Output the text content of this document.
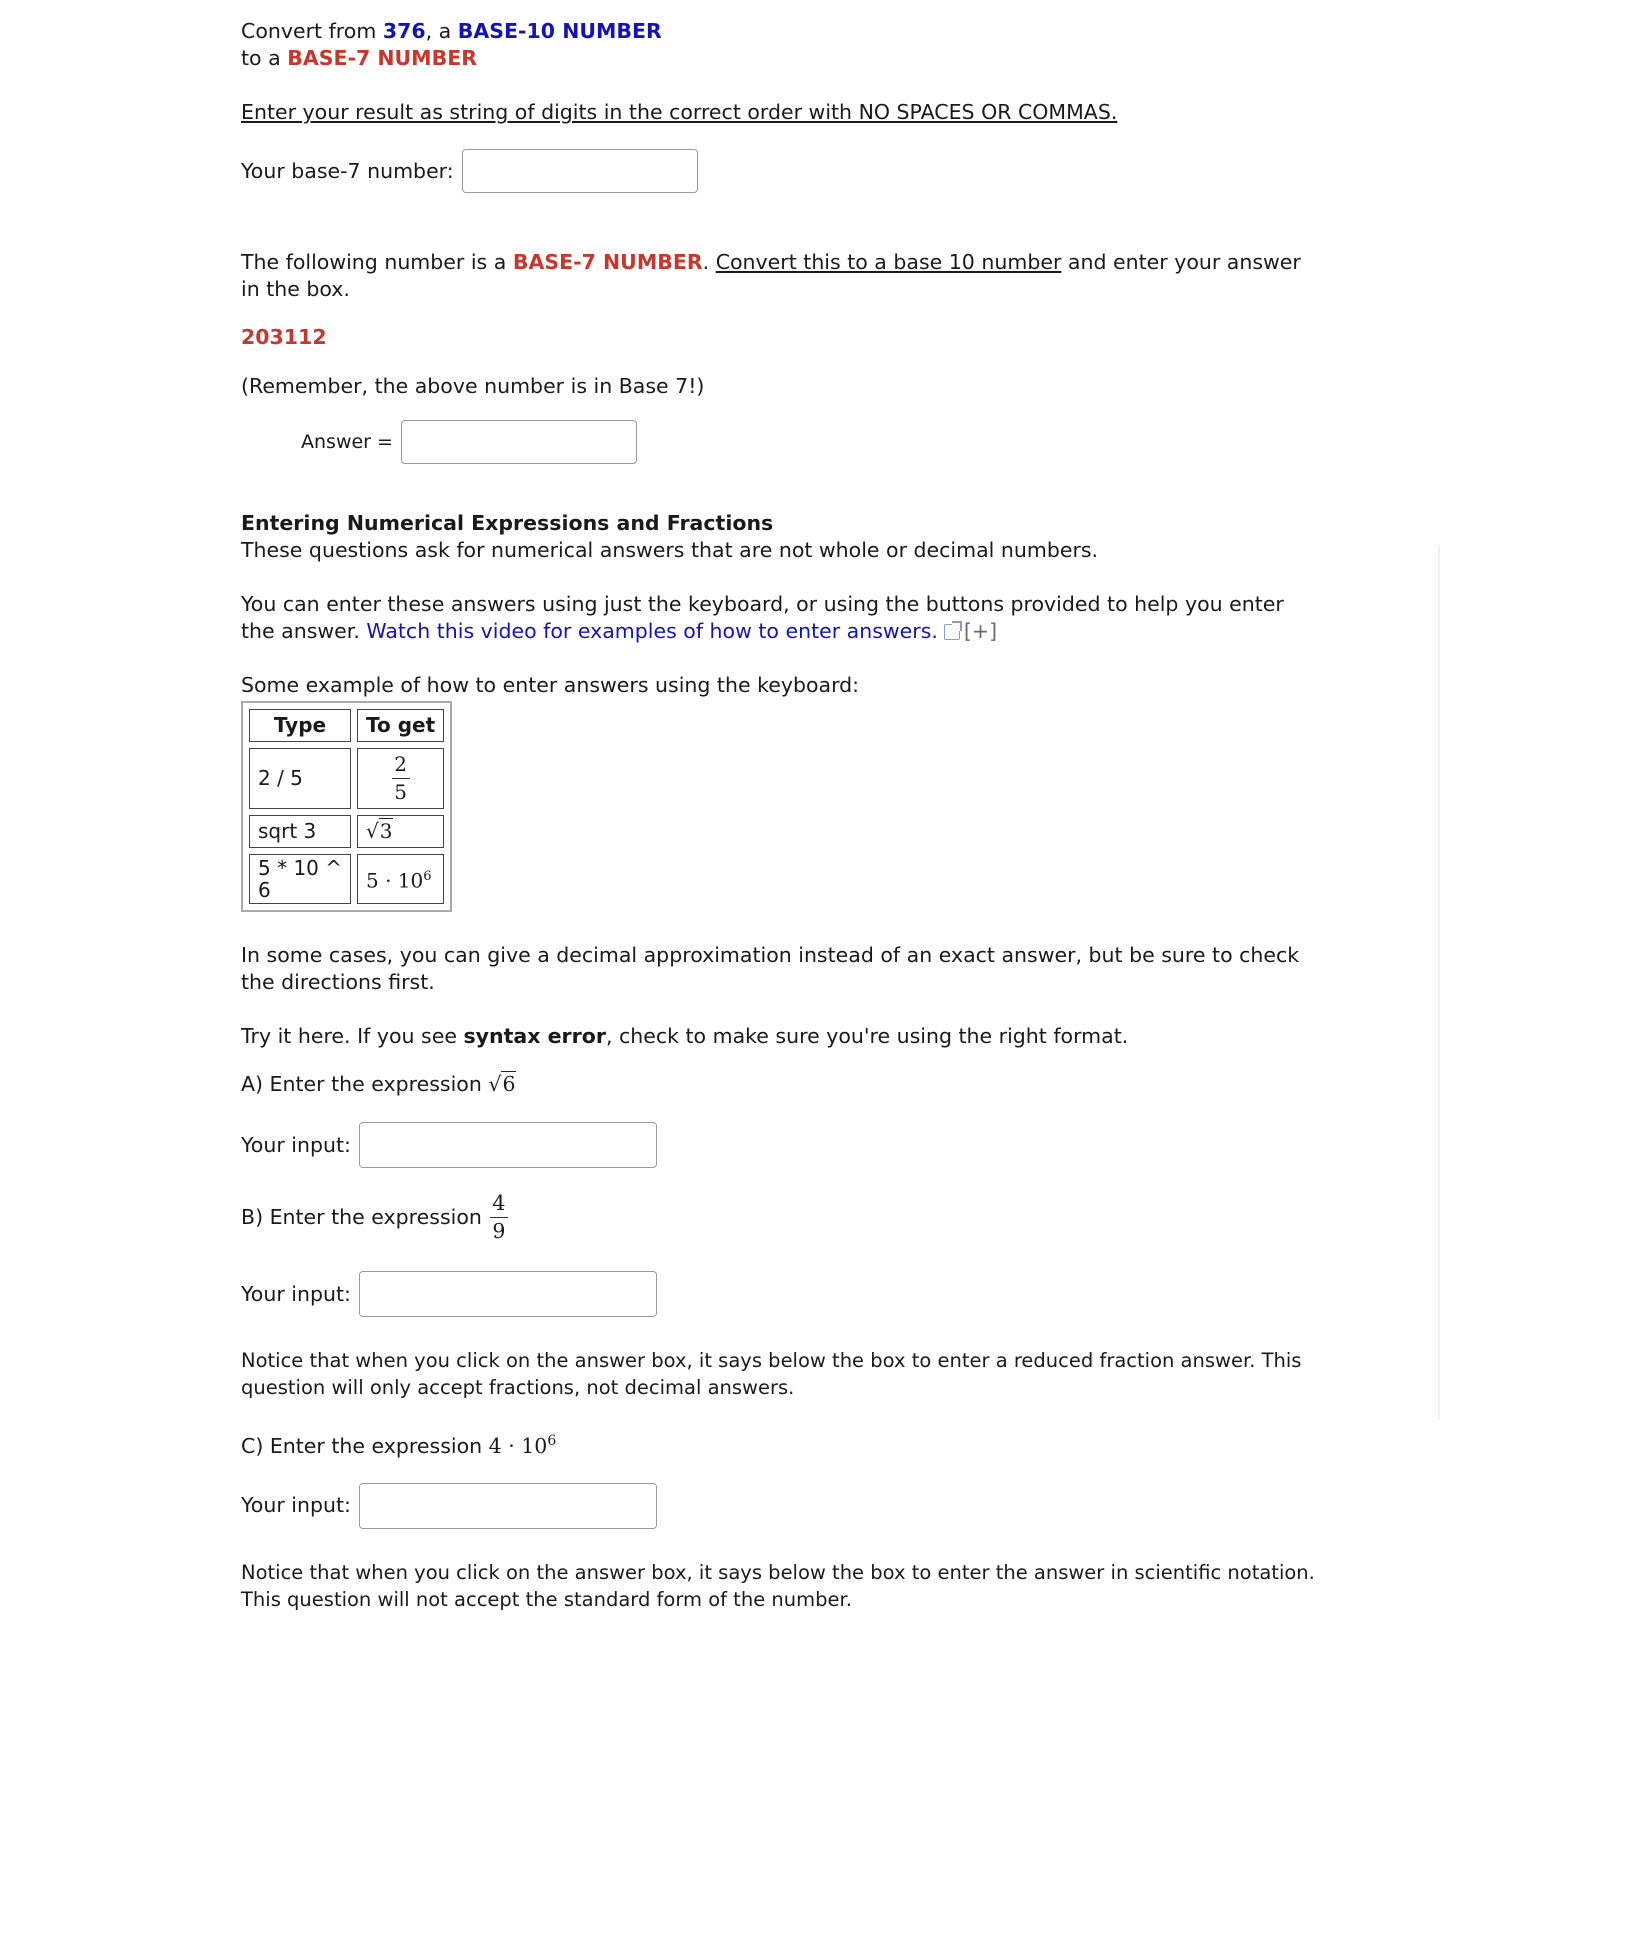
Convert from 376, a BASE-10 NUMBER
to a BASE-7 NUMBER

Enter your result as string of digits in the correct order with NO SPACES OR COMMAS.

Your base-7 number:

The following number is a BASE-7 NUMBER. Convert this to a base 10 number and enter your answer in the box.

203112

(Remember, the above number is in Base 7!)

Answer =

Entering Numerical Expressions and Fractions

These questions ask for numerical answers that are not whole or decimal numbers.

You can enter these answers using just the keyboard, or using the buttons provided to help you enter the answer. Watch this video for examples of how to enter answers. [+]

Some example of how to enter answers using the keyboard:

Type	To get
2 / 5	$\frac{2}{5}$

sqrt 3	√3
5 * 10 ^ 6	$5 \cdot 10^6$

In some cases, you can give a decimal approximation instead of an exact answer, but be sure to check the directions first.

Try it here. If you see syntax error, check to make sure you're using the right format.

A) Enter the expression √6

Your input:
B) Enter the expression $\frac{4}{9}$
Your input:

Notice that when you click on the answer box, it says below the box to enter a reduced fraction answer. This question will only accept fractions, not decimal answers.

C) Enter the expression $4 \cdot 10^6$

Your input:

Notice that when you click on the answer box, it says below the box to enter the answer in scientific notation. This question will not accept the standard form of the number.
